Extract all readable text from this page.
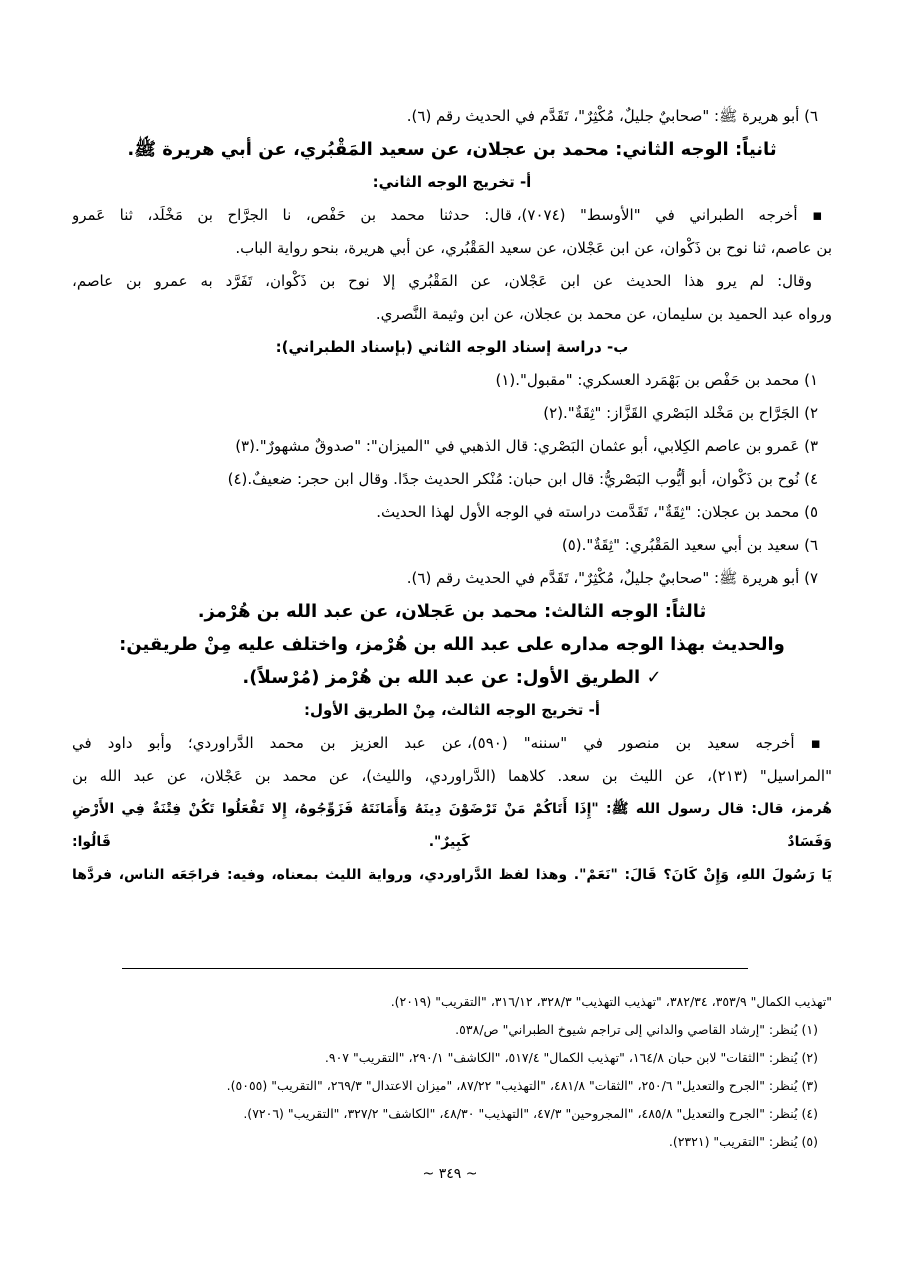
٦) أبو هريرة ﷺ: "صحابيٌ جليلٌ، مُكْثِرٌ"، تَقَدَّم في الحديث رقم (٦).
ثانياً: الوجه الثاني: محمد بن عجلان، عن سعيد المَقْبُري، عن أبي هريرة ﷺ.
أ- تخريج الوجه الثاني:
▪ أخرجه الطبراني في "الأوسط" (٧٠٧٤)، قال: حدثنا محمد بن حَفْص، نا الجرَّاح بن مَخْلَد، ثنا عَمرو
بن عاصم، ثنا نوح بن ذَكْوان، عن ابن عَجْلان، عن سعيد المَقْبُري، عن أبي هريرة، بنحو رواية الباب.
وقال: لم يرو هذا الحديث عن ابن عَجْلان، عن المَقْبُري إلا نوح بن ذَكْوان، تَفَرَّد به عمرو بن عاصم،
ورواه عبد الحميد بن سليمان، عن محمد بن عجلان، عن ابن وثيمة النَّصري.
ب- دراسة إسناد الوجه الثاني (بإسناد الطبراني):
١) محمد بن حَفْص بن بَهْمَرد العسكري: "مقبول".(١)
٢) الجَرَّاح بن مَخْلد البَصْري القَزَّاز: "ثِقَةٌ".(٢)
٣) عَمرو بن عاصم الكِلابي، أبو عثمان البَصْري: قال الذهبي في "الميزان": "صدوقٌ مشهورٌ".(٣)
٤) نُوح بن ذَكْوان، أبو أيُّوب البَصْريُّ: قال ابن حبان: مُنْكر الحديث جدًا. وقال ابن حجر: ضعيفٌ.(٤)
٥) محمد بن عجلان: "ثِقَةٌ"، تَقَدَّمت دراسته في الوجه الأول لهذا الحديث.
٦) سعيد بن أبي سعيد المَقْبُري: "ثِقَةٌ".(٥)
٧) أبو هريرة ﷺ: "صحابيٌ جليلٌ، مُكْثِرٌ"، تَقَدَّم في الحديث رقم (٦).
ثالثاً: الوجه الثالث: محمد بن عَجلان، عن عبد الله بن هُرْمز.
والحديث بهذا الوجه مداره على عبد الله بن هُرْمز، واختلف عليه مِنْ طريقين:
✓ الطريق الأول: عن عبد الله بن هُرْمز (مُرْسلاً).
أ- تخريج الوجه الثالث، مِنْ الطريق الأول:
▪ أخرجه سعيد بن منصور في "سننه" (٥٩٠)، عن عبد العزيز بن محمد الدَّراوردي؛ وأبو داود في
"المراسيل" (٢١٣)، عن الليث بن سعد. كلاهما (الدَّراوردي، والليث)، عن محمد بن عَجْلان، عن عبد الله بن
هُرمز، قال: قال رسول الله ﷺ: "إِذَا أَتَاكُمْ مَنْ تَرْضَوْنَ دِينَهُ وَأَمَانَتَهُ فَزَوِّجُوهُ، إِلا تَفْعَلُوا تَكُنْ فِتْنَةٌ فِي الأَرْضِ وَفَسَادٌ كَبِيرٌ". قَالُوا:
يَا رَسُولَ اللهِ، وَإِنْ كَانَ؟ قَالَ: "نَعَمْ". وهذا لفظ الدَّراوردي، ورواية الليث بمعناه، وفيه: فراجَعَه الناس، فردَّها
"تهذيب الكمال" ٣٥٣/٩، ٣٨٢/٣٤، "تهذيب التهذيب" ٣٢٨/٣، ٣١٦/١٢، "التقريب" (٢٠١٩).
(١) يُنظر: "إرشاد القاصي والداني إلى تراجم شيوخ الطبراني" ص/٥٣٨.
(٢) يُنظر: "الثقات" لابن حبان ١٦٤/٨، "تهذيب الكمال" ٥١٧/٤، "الكاشف" ٢٩٠/١، "التقريب" ٩٠٧.
(٣) يُنظر: "الجرح والتعديل" ٢٥٠/٦، "الثقات" ٤٨١/٨، "التهذيب" ٨٧/٢٢، "ميزان الاعتدال" ٢٦٩/٣، "التقريب" (٥٠٥٥).
(٤) يُنظر: "الجرح والتعديل" ٤٨٥/٨، "المجروحين" ٤٧/٣، "التهذيب" ٤٨/٣٠، "الكاشف" ٣٢٧/٢، "التقريب" (٧٢٠٦).
(٥) يُنظر: "التقريب" (٢٣٢١).
~ ٣٤٩ ~
